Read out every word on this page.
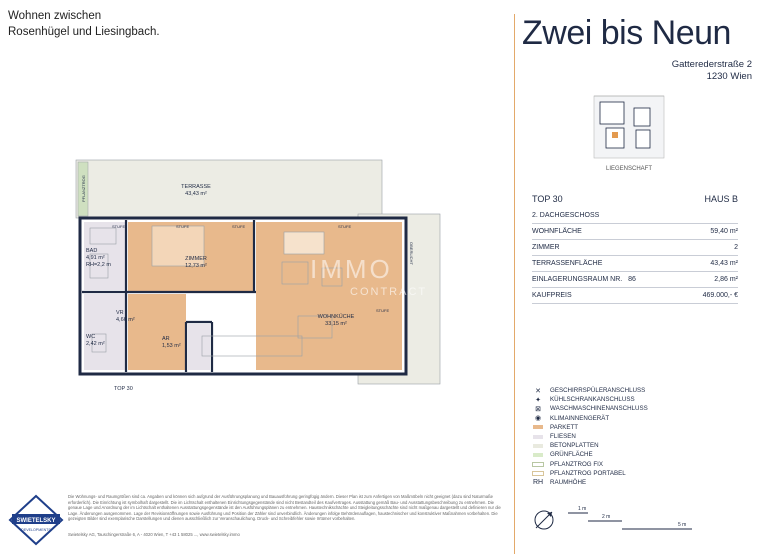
Wohnen zwischen
Rosenhügel und Liesingbach.	Zwei bis Neun
Gatterederstraße 2
1230 Wien
LIEGENSCHAFT
TOP 30	HAUS B
2. DACHGESCHOSS
WOHNFLÄCHE	59,40 m²
ZIMMER	2
TERRASSENFLÄCHE	43,43 m²
EINLAGERUNGSRAUM NR. 86	2,86 m²
KAUFPREIS	469.000,- €
✕	GESCHIRRSPÜLERANSCHLUSS
✦	KÜHLSCHRANKANSCHLUSS
⊠	WASCHMASCHINENANSCHLUSS
◉	KLIMAINNENGERÄT
PARKETT
FLIESEN
BETONPLATTEN
GRÜNFLÄCHE
PFLANZTROG FIX
PFLANZTROG PORTABEL
RH RAUMHÖHE
1 m
2 m
5 m
PFLANZTROG
STUFE	STUFE	STUFE	STUFE
STUFE
OBERLICHT
TERRASSE
43,43 m²
ZIMMER
12,73 m²
WOHNKÜCHE
33,15 m²
BAD
4,91 m²
RH=2,2 m
VR
4,66 m²
WC
2,42 m²
AR
1,53 m²
TOP 30
IMMO
CONTRACT
SWIETELSKY
DEVELOPMENTS
Die Wohnungs- und Raumgrößen sind ca. Angaben und können sich aufgrund der Ausführungsplanung und Bauausführung geringfügig ändern. Dieser Plan ist zum Anfertigen von Maßmöbeln nicht geeignet (dazu sind Naturmaße erforderlich). Die Einrichtung ist symbolhaft dargestellt. Die im Lichtschalt enthaltenen Einrichtungsgegenstände sind nicht Bestandteil des Kaufvertrages. Ausstattung gemäß Bau- und Ausstattungsbeschreibung zu entnehmen. Die genaue Lage und Anordnung der im Lichtschalt enthaltenen Ausstattungsgegenstände ist den Ausführungsplänen zu entnehmen. Haustechnikschächte und Steigleitungsschächte sind nicht maßgenau dargestellt und definieren nur die Lage. Änderungen ausgenommen. Lage der Revisionsöffnungen sowie Ausführung und Position der Zähler sind unverbindlich. Änderungen infolge Behördenauflagen, haustechnischer und konstruktiver Maßnahmen vorbehalten. Die gezeigten Bilder sind exemplarische Darstellungen und dienen ausschließlich zur Veranschaulichung. Druck- und Schreibfehler sowie Irrtümer vorbehalten.
Swietelsky AG, Tauschingerstraße 6, A - 4020 Wien, T +43 1 58025 ..., www.swietelsky.immo
